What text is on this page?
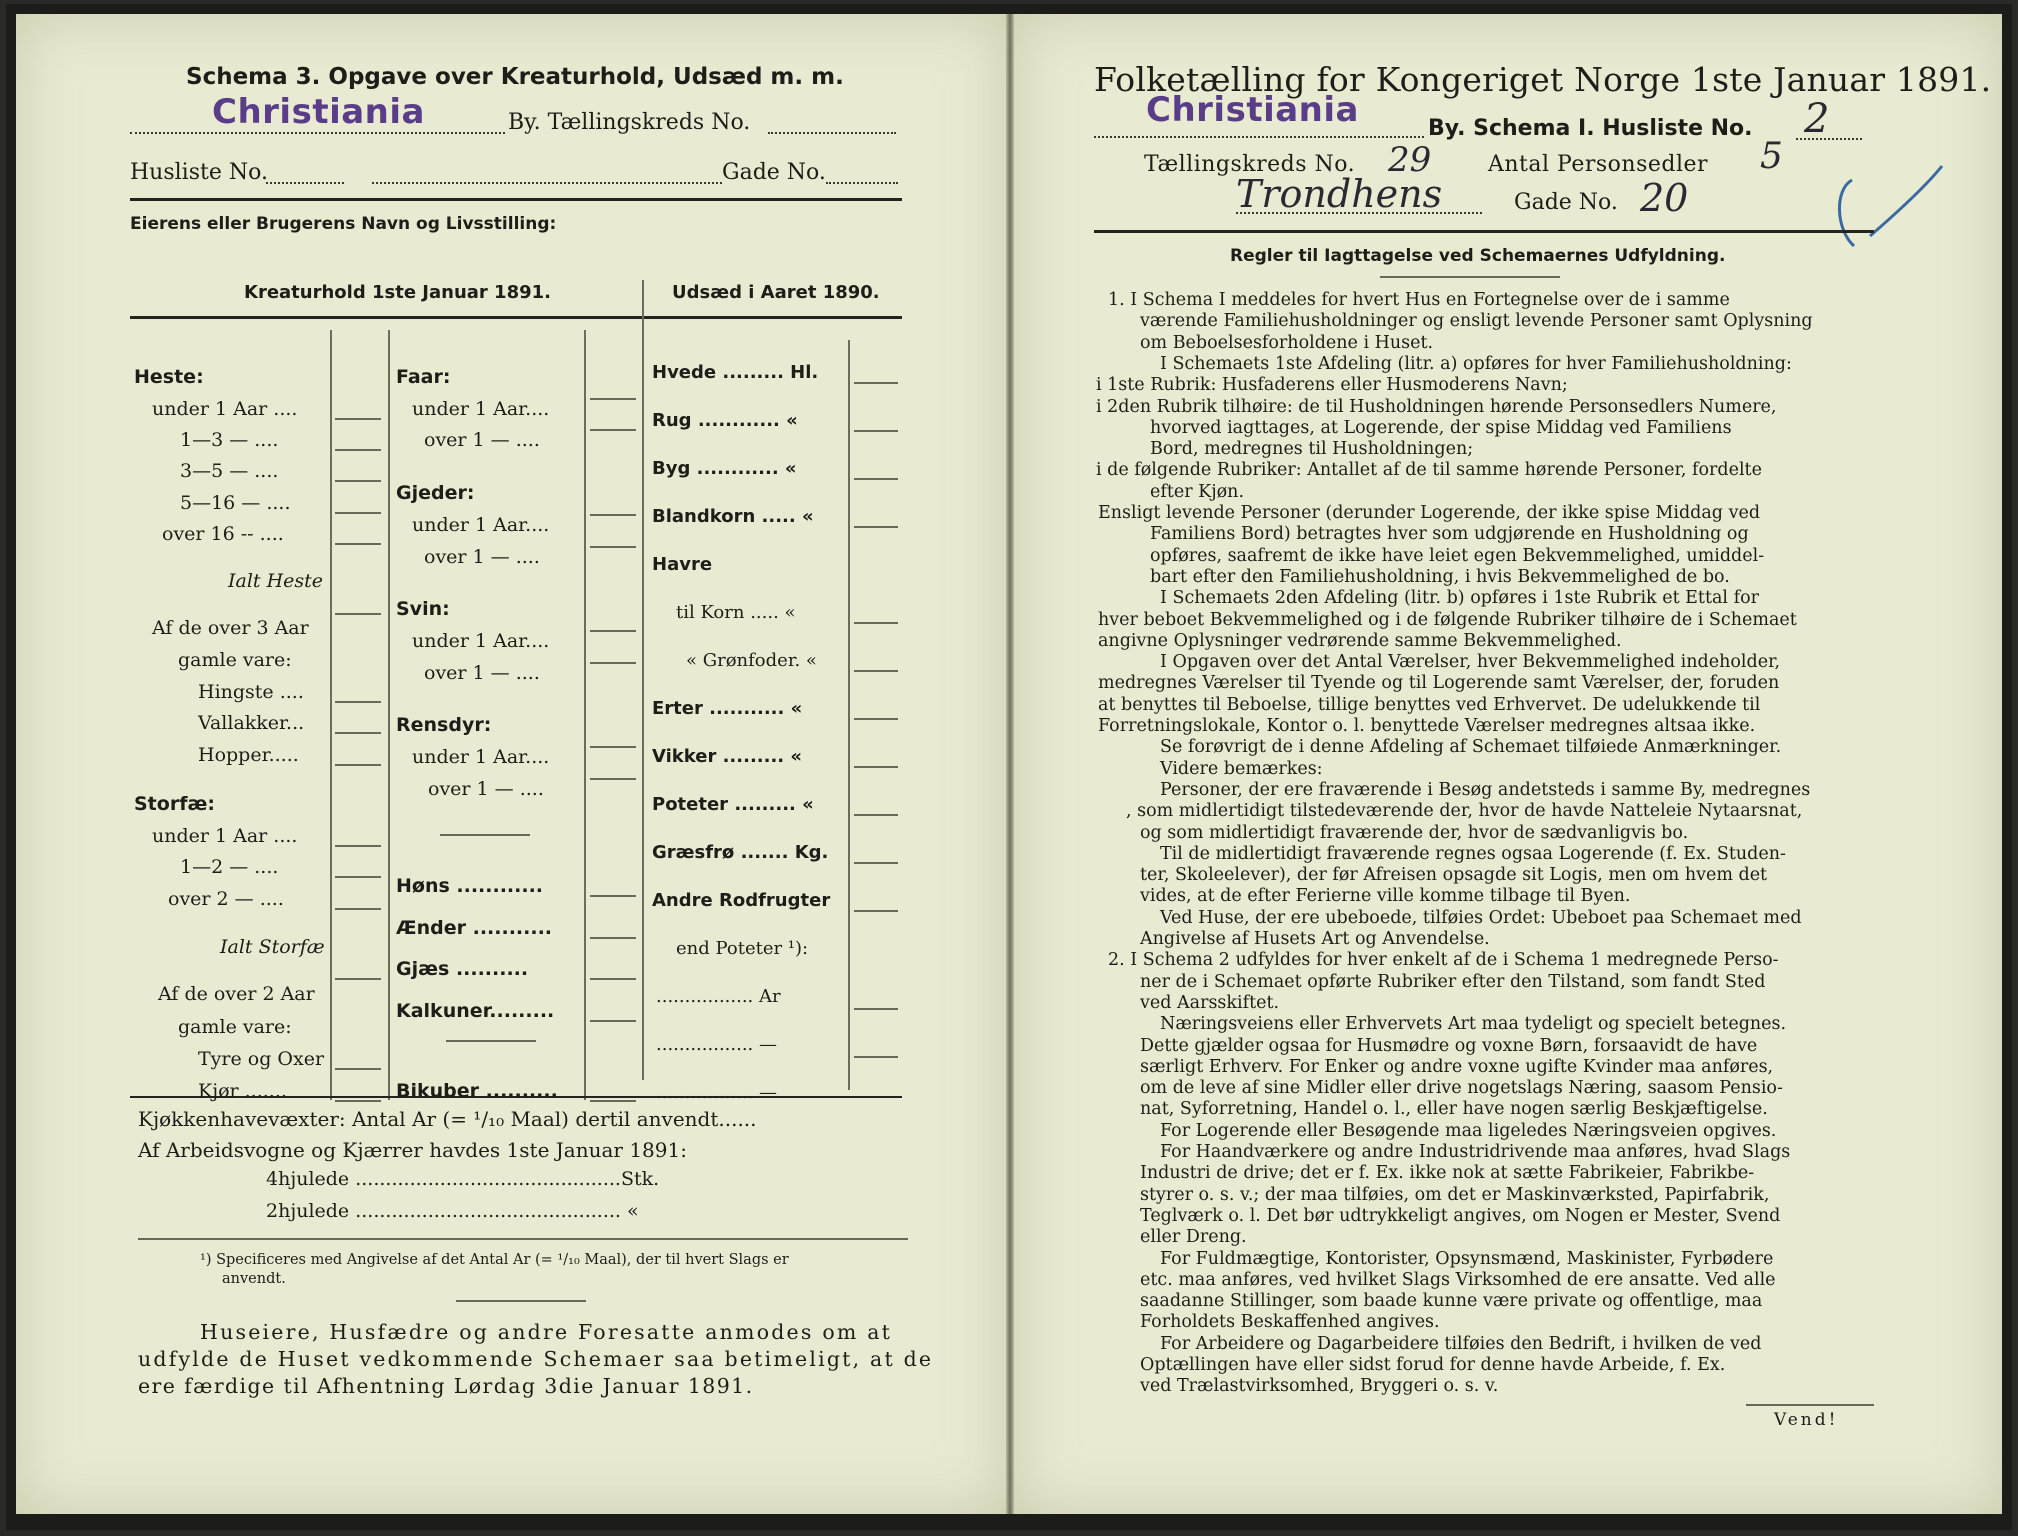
Schema 3. Opgave over Kreaturhold, Udsæd m. m.
Christiania	By. Tællingskreds No.
Husliste No.	Gade No.
Eierens eller Brugerens Navn og Livsstilling:
Kreaturhold 1ste Januar 1891.	Udsæd i Aaret 1890.
Heste:
under 1 Aar ....
1—3 — ....
3—5 — ....
5—16 — ....
over 16 -- ....
Ialt Heste
Af de over 3 Aar
gamle vare:
Hingste ....
Vallakker...
Hopper.....
Storfæ:
under 1 Aar ....
1—2 — ....
over 2 — ....
Ialt Storfæ
Af de over 2 Aar
gamle vare:
Tyre og Oxer
Kjør .......
Faar:
under 1 Aar....
over 1 — ....
Gjeder:
under 1 Aar....
over 1 — ....
Svin:
under 1 Aar....
over 1 — ....
Rensdyr:
under 1 Aar....
over 1 — ....
Høns ............
Ænder ...........
Gjæs ..........
Kalkuner.........
Bikuber ..........
Hvede ......... Hl.
Rug ............ «
Byg ............ «
Blandkorn ..... «
Havre
til Korn ..... «
« Grønfoder. «
Erter ........... «
Vikker ......... «
Poteter ......... «
Græsfrø ....... Kg.
Andre Rodfrugter
end Poteter ¹):
................. Ar
................. —
................. —
Kjøkkenhavevæxter: Antal Ar (= ¹/₁₀ Maal) dertil anvendt......
Af Arbeidsvogne og Kjærrer havdes 1ste Januar 1891:
4hjulede ............................................Stk.
2hjulede ............................................ «
¹) Specificeres med Angivelse af det Antal Ar (= ¹/₁₀ Maal), der til hvert Slags er
anvendt.
Huseiere, Husfædre og andre Foresatte anmodes om at
udfylde de Huset vedkommende Schemaer saa betimeligt, at de
ere færdige til Afhentning Lørdag 3die Januar 1891.
Folketælling for Kongeriget Norge 1ste Januar 1891.
Christiania	By. Schema I. Husliste No. 2
Tællingskreds No. 29	Antal Personsedler 5
Trondhens	Gade No. 20
Regler til Iagttagelse ved Schemaernes Udfyldning.
1. I Schema I meddeles for hvert Hus en Fortegnelse over de i samme
værende Familiehusholdninger og ensligt levende Personer samt Oplysning
om Beboelsesforholdene i Huset.
I Schemaets 1ste Afdeling (litr. a) opføres for hver Familiehusholdning:
i 1ste Rubrik: Husfaderens eller Husmoderens Navn;
i 2den Rubrik tilhøire: de til Husholdningen hørende Personsedlers Numere,
hvorved iagttages, at Logerende, der spise Middag ved Familiens
Bord, medregnes til Husholdningen;
i de følgende Rubriker: Antallet af de til samme hørende Personer, fordelte
efter Kjøn.
Ensligt levende Personer (derunder Logerende, der ikke spise Middag ved
Familiens Bord) betragtes hver som udgjørende en Husholdning og
opføres, saafremt de ikke have leiet egen Bekvemmelighed, umiddel-
bart efter den Familiehusholdning, i hvis Bekvemmelighed de bo.
I Schemaets 2den Afdeling (litr. b) opføres i 1ste Rubrik et Ettal for
hver beboet Bekvemmelighed og i de følgende Rubriker tilhøire de i Schemaet
angivne Oplysninger vedrørende samme Bekvemmelighed.
I Opgaven over det Antal Værelser, hver Bekvemmelighed indeholder,
medregnes Værelser til Tyende og til Logerende samt Værelser, der, foruden
at benyttes til Beboelse, tillige benyttes ved Erhvervet. De udelukkende til
Forretningslokale, Kontor o. l. benyttede Værelser medregnes altsaa ikke.
Se forøvrigt de i denne Afdeling af Schemaet tilføiede Anmærkninger.
Videre bemærkes:
Personer, der ere fraværende i Besøg andetsteds i samme By, medregnes
, som midlertidigt tilstedeværende der, hvor de havde Natteleie Nytaarsnat,
og som midlertidigt fraværende der, hvor de sædvanligvis bo.
Til de midlertidigt fraværende regnes ogsaa Logerende (f. Ex. Studen-
ter, Skoleelever), der før Afreisen opsagde sit Logis, men om hvem det
vides, at de efter Ferierne ville komme tilbage til Byen.
Ved Huse, der ere ubeboede, tilføies Ordet: Ubeboet paa Schemaet med
Angivelse af Husets Art og Anvendelse.
2. I Schema 2 udfyldes for hver enkelt af de i Schema 1 medregnede Perso-
ner de i Schemaet opførte Rubriker efter den Tilstand, som fandt Sted
ved Aarsskiftet.
Næringsveiens eller Erhvervets Art maa tydeligt og specielt betegnes.
Dette gjælder ogsaa for Husmødre og voxne Børn, forsaavidt de have
særligt Erhverv. For Enker og andre voxne ugifte Kvinder maa anføres,
om de leve af sine Midler eller drive nogetslags Næring, saasom Pensio-
nat, Syforretning, Handel o. l., eller have nogen særlig Beskjæftigelse.
For Logerende eller Besøgende maa ligeledes Næringsveien opgives.
For Haandværkere og andre Industridrivende maa anføres, hvad Slags
Industri de drive; det er f. Ex. ikke nok at sætte Fabrikeier, Fabrikbe-
styrer o. s. v.; der maa tilføies, om det er Maskinværksted, Papirfabrik,
Teglværk o. l. Det bør udtrykkeligt angives, om Nogen er Mester, Svend
eller Dreng.
For Fuldmægtige, Kontorister, Opsynsmænd, Maskinister, Fyrbødere
etc. maa anføres, ved hvilket Slags Virksomhed de ere ansatte. Ved alle
saadanne Stillinger, som baade kunne være private og offentlige, maa
Forholdets Beskaffenhed angives.
For Arbeidere og Dagarbeidere tilføies den Bedrift, i hvilken de ved
Optællingen have eller sidst forud for denne havde Arbeide, f. Ex.
ved Trælastvirksomhed, Bryggeri o. s. v.
Vend!
